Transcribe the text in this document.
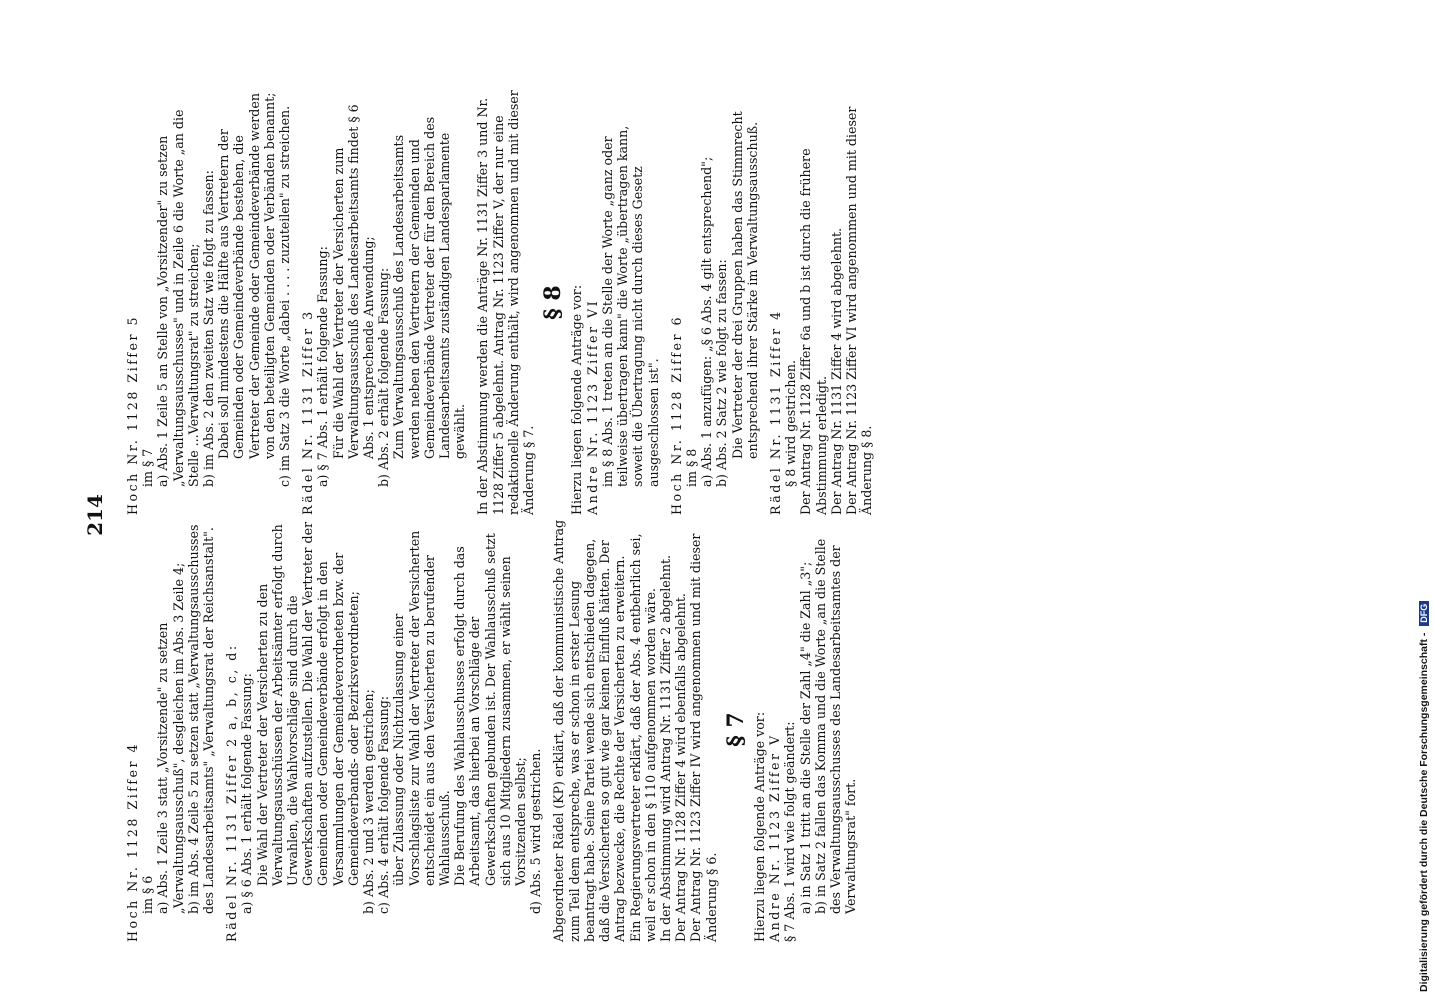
214

Hoch Nr. 1128 Ziffer 4 im § 6 a) Abs. 1 Zeile 3 statt „Vorsitzende" zu setzen „Verwaltungsausschuß", desgleichen im Abs. 3 Zeile 4; b) im Abs. 4 Zeile 5 zu setzen statt „Verwaltungsausschusses des Landesarbeitsamts" „Verwaltungsrat der Reichsanstalt". Rädel Nr. 1131 Ziffer 2 a, b, c, d: a) § 6 Abs. 1 erhält folgende Fassung: Die Wahl der Vertreter der Versicherten zu den Verwaltungsausschüssen der Arbeitsämter erfolgt durch Urwahlen, die Wahlvorschläge sind durch die Gewerkschaften aufzustellen. Die Wahl der Vertreter der Gemeinden oder Gemeindeverbände erfolgt in den Versammlungen der Gemeindeverordneten bzw. der Gemeindeverbands- oder Bezirksverordneten; b) Abs. 2 und 3 werden gestrichen; c) Abs. 4 erhält folgende Fassung: über Zulassung oder Nichtzulassung einer Vorschlagsliste zur Wahl der Vertreter der Versicherten entscheidet ein aus den Versicherten zu berufender Wahlausschuß. Die Berufung des Wahlausschusses erfolgt durch das Arbeitsamt, das hierbei an Vorschläge der Gewerkschaften gebunden ist. Der Wahlausschuß setzt sich aus 10 Mitgliedern zusammen, er wählt seinen Vorsitzenden selbst; d) Abs. 5 wird gestrichen. Abgeordneter Rädel (KP) erklärt, daß der kommunistische Antrag zum Teil dem entspreche, was er schon in erster Lesung beantragt habe. Seine Partei wende sich entschieden dagegen, daß die Versicherten so gut wie gar keinen Einfluß hätten. Der Antrag bezwecke, die Rechte der Versicherten zu erweitern. Ein Regierungsvertreter erklärt, daß der Abs. 4 entbehrlich sei, weil er schon in den § 110 aufgenommen worden wäre. In der Abstimmung wird Antrag Nr. 1131 Ziffer 2 abgelehnt. Der Antrag Nr. 1128 Ziffer 4 wird ebenfalls abgelehnt. Der Antrag Nr. 1123 Ziffer IV wird angenommen und mit dieser Änderung § 6.

§ 7 Hierzu liegen folgende Anträge vor: Andre Nr. 1123 Ziffer V § 7 Abs. 1 wird wie folgt geändert: a) in Satz 1 tritt an die Stelle der Zahl „4" die Zahl „3"; b) in Satz 2 fallen das Komma und die Worte „an die Stelle des Verwaltungsausschusses des Landesarbeitsamtes der Verwaltungsrat" fort.

Hoch Nr. 1128 Ziffer 5 im § 7 a) Abs. 1 Zeile 5 an Stelle von „Vorsitzender" zu setzen „Verwaltungsausschusses" und in Zeile 6 die Worte „an die Stelle ...Verwaltungsrat" zu streichen; b) im Abs. 2 den zweiten Satz wie folgt zu fassen: Dabei soll mindestens die Hälfte aus Vertretern der Gemeinden oder Gemeindeverbände bestehen, die Vertreter der Gemeinde oder Gemeindeverbände werden von den beteiligten Gemeinden oder Verbänden benannt; c) im Satz 3 die Worte „dabei . . . . zuzuteilen" zu streichen. Rädel Nr. 1131 Ziffer 3 a) § 7 Abs. 1 erhält folgende Fassung: Für die Wahl der Vertreter der Versicherten zum Verwaltungsausschuß des Landesarbeitsamts findet § 6 Abs. 1 entsprechende Anwendung; b) Abs. 2 erhält folgende Fassung: Zum Verwaltungsausschuß des Landesarbeitsamts werden neben den Vertretern der Gemeinden und Gemeindeverbände Vertreter der für den Bereich des Landesarbeitsamts zuständigen Landesparlamente gewählt. In der Abstimmung werden die Anträge Nr. 1131 Ziffer 3 und Nr. 1128 Ziffer 5 abgelehnt. Antrag Nr. 1123 Ziffer V, der nur eine redaktionelle Änderung enthält, wird angenommen und mit dieser Änderung § 7.

§ 8 Hierzu liegen folgende Anträge vor: Andre Nr. 1123 Ziffer VI im § 8 Abs. 1 treten an die Stelle der Worte „ganz oder teilweise übertragen kann" die Worte „übertragen kann, soweit die Übertragung nicht durch dieses Gesetz ausgeschlossen ist". Hoch Nr. 1128 Ziffer 6 im § 8 a) Abs. 1 anzufügen: „§ 6 Abs. 4 gilt entsprechend"; b) Abs. 2 Satz 2 wie folgt zu fassen: Die Vertreter der drei Gruppen haben das Stimmrecht entsprechend ihrer Stärke im Verwaltungsausschuß. Rädel Nr. 1131 Ziffer 4 § 8 wird gestrichen. Der Antrag Nr. 1128 Ziffer 6a und b ist durch die frühere Abstimmung erledigt. Der Antrag Nr. 1131 Ziffer 4 wird abgelehnt. Der Antrag Nr. 1123 Ziffer VI wird angenommen und mit dieser Änderung § 8.

Digitalisierung gefördert durch die Deutsche Forschungsgemeinschaft - DFG
